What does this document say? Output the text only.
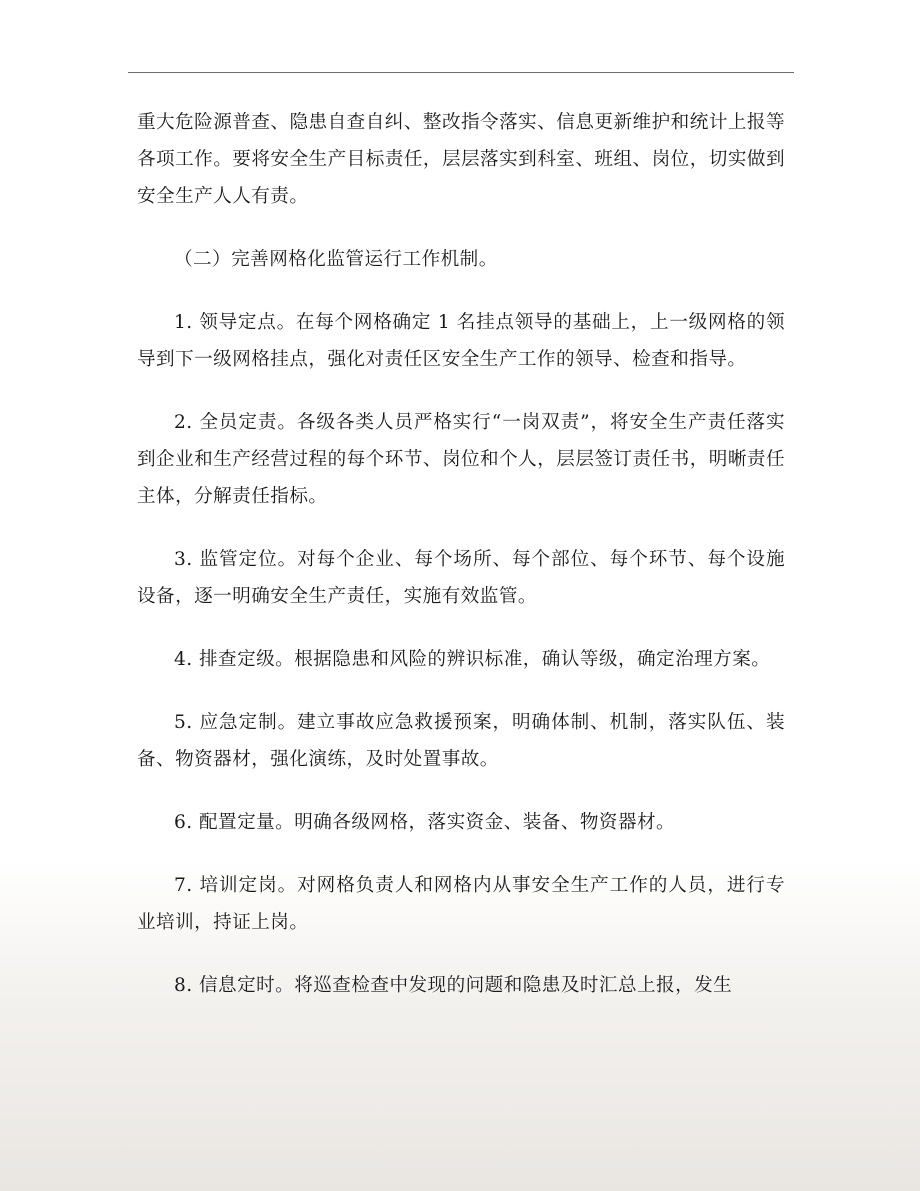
重大危险源普查、隐患自查自纠、整改指令落实、信息更新维护和统计上报等各项工作。要将安全生产目标责任，层层落实到科室、班组、岗位，切实做到安全生产人人有责。

（二）完善网格化监管运行工作机制。

1. 领导定点。在每个网格确定 1 名挂点领导的基础上，上一级网格的领导到下一级网格挂点，强化对责任区安全生产工作的领导、检查和指导。

2. 全员定责。各级各类人员严格实行“一岗双责”，将安全生产责任落实到企业和生产经营过程的每个环节、岗位和个人，层层签订责任书，明晰责任主体，分解责任指标。

3. 监管定位。对每个企业、每个场所、每个部位、每个环节、每个设施设备，逐一明确安全生产责任，实施有效监管。

4. 排查定级。根据隐患和风险的辨识标准，确认等级，确定治理方案。

5. 应急定制。建立事故应急救援预案，明确体制、机制，落实队伍、装备、物资器材，强化演练，及时处置事故。

6. 配置定量。明确各级网格，落实资金、装备、物资器材。

7. 培训定岗。对网格负责人和网格内从事安全生产工作的人员，进行专业培训，持证上岗。

8. 信息定时。将巡查检查中发现的问题和隐患及时汇总上报，发生
